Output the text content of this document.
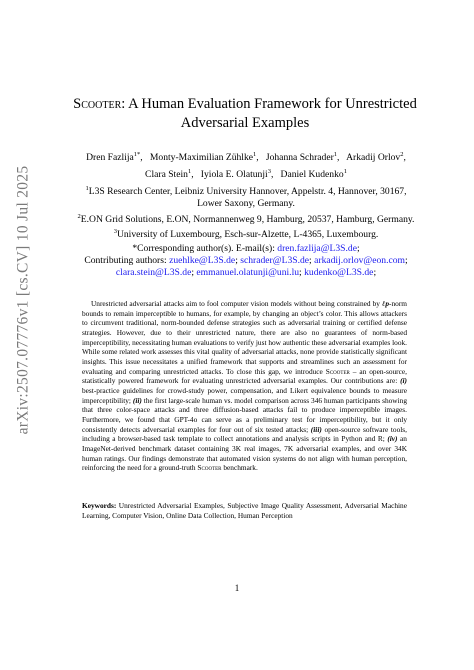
arXiv:2507.07776v1 [cs.CV] 10 Jul 2025
Scooter: A Human Evaluation Framework for Unrestricted
Adversarial Examples
Dren Fazlija$^{1*}$,   Monty-Maximilian Zühlke$^1$,   Johanna Schrader$^1$,   Arkadij Orlov$^2$,
Clara Stein$^1$,   Iyiola E. Olatunji$^3$,   Daniel Kudenko$^1$

$^1$L3S Research Center, Leibniz University Hannover, Appelstr. 4, Hannover, 30167,

Lower Saxony, Germany.

$^2$E.ON Grid Solutions, E.ON, Normannenweg 9, Hamburg, 20537, Hamburg, Germany.

$^3$University of Luxembourg, Esch-sur-Alzette, L-4365, Luxembourg.

*Corresponding author(s). E-mail(s): dren.fazlija@L3S.de;

Contributing authors: zuehlke@L3S.de; schrader@L3S.de; arkadij.orlov@eon.com;

clara.stein@L3S.de; emmanuel.olatunji@uni.lu; kudenko@L3S.de;

Unrestricted adversarial attacks aim to fool computer vision models without being constrained by ℓp-norm bounds to remain imperceptible to humans, for example, by changing an object’s color. This allows attackers to circumvent traditional, norm-bounded defense strategies such as adversarial training or certified defense strategies. However, due to their unrestricted nature, there are also no guarantees of norm-based imperceptibility, necessitating human evaluations to verify just how authentic these adversarial examples look. While some related work assesses this vital quality of adversarial attacks, none provide statistically significant insights. This issue necessitates a unified framework that supports and streamlines such an assessment for evaluating and comparing unrestricted attacks. To close this gap, we introduce Scooter – an open-source, statistically powered framework for evaluating unrestricted adversarial examples. Our contributions are: (i) best-practice guidelines for crowd-study power, compensation, and Likert equivalence bounds to measure imperceptibility; (ii) the first large-scale human vs. model comparison across 346 human participants showing that three color-space attacks and three diffusion-based attacks fail to produce imperceptible images. Furthermore, we found that GPT-4o can serve as a preliminary test for imperceptibility, but it only consistently detects adversarial examples for four out of six tested attacks; (iii) open-source software tools, including a browser-based task template to collect annotations and analysis scripts in Python and R; (iv) an ImageNet-derived benchmark dataset containing 3K real images, 7K adversarial examples, and over 34K human ratings. Our findings demonstrate that automated vision systems do not align with human perception, reinforcing the need for a ground-truth Scooter benchmark.

Keywords: Unrestricted Adversarial Examples, Subjective Image Quality Assessment, Adversarial Machine Learning, Computer Vision, Online Data Collection, Human Perception

1
